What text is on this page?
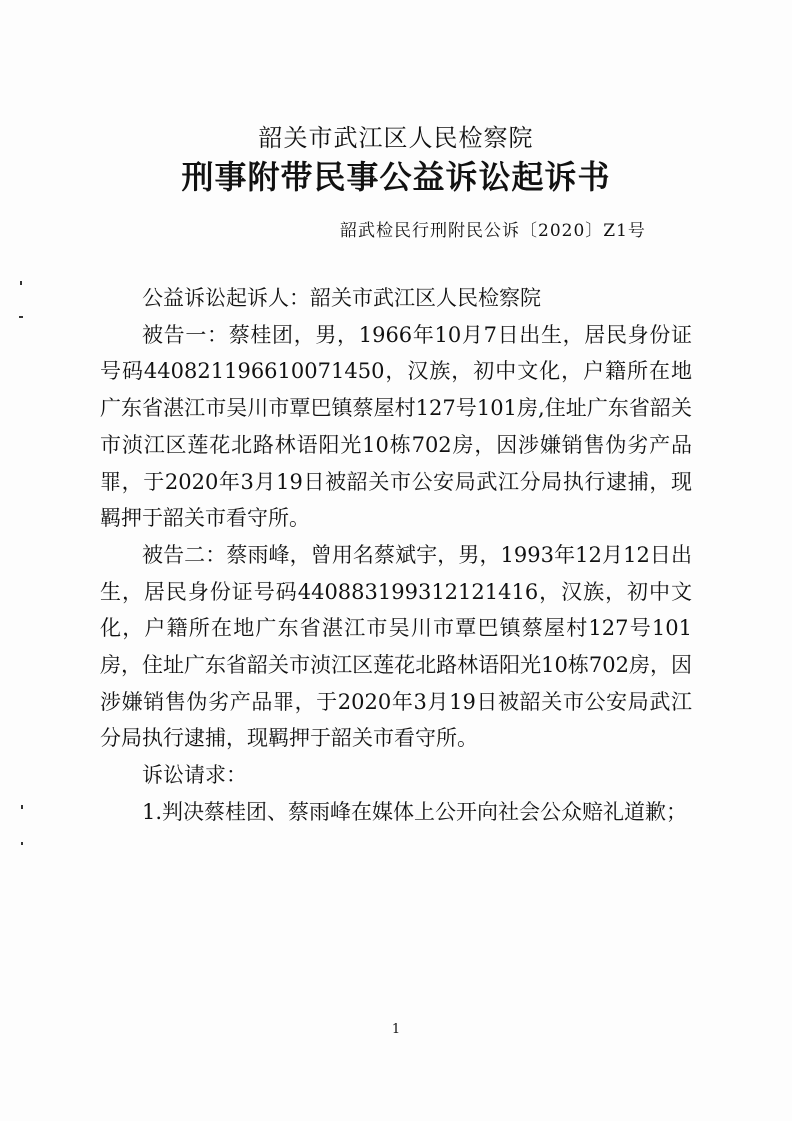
韶关市武江区人民检察院
刑事附带民事公益诉讼起诉书
韶武检民行刑附民公诉〔2020〕Z1号

公益诉讼起诉人：韶关市武江区人民检察院

被告一：蔡桂团，男，1966年10月7日出生，居民身份证号码440821196610071450，汉族，初中文化，户籍所在地广东省湛江市吴川市覃巴镇蔡屋村127号101房,住址广东省韶关市浈江区莲花北路林语阳光10栋702房，因涉嫌销售伪劣产品罪，于2020年3月19日被韶关市公安局武江分局执行逮捕，现羁押于韶关市看守所。

被告二：蔡雨峰，曾用名蔡斌宇，男，1993年12月12日出生，居民身份证号码440883199312121416，汉族，初中文化，户籍所在地广东省湛江市吴川市覃巴镇蔡屋村127号101房，住址广东省韶关市浈江区莲花北路林语阳光10栋702房，因涉嫌销售伪劣产品罪，于2020年3月19日被韶关市公安局武江分局执行逮捕，现羁押于韶关市看守所。

诉讼请求：

1.判决蔡桂团、蔡雨峰在媒体上公开向社会公众赔礼道歉；

1
